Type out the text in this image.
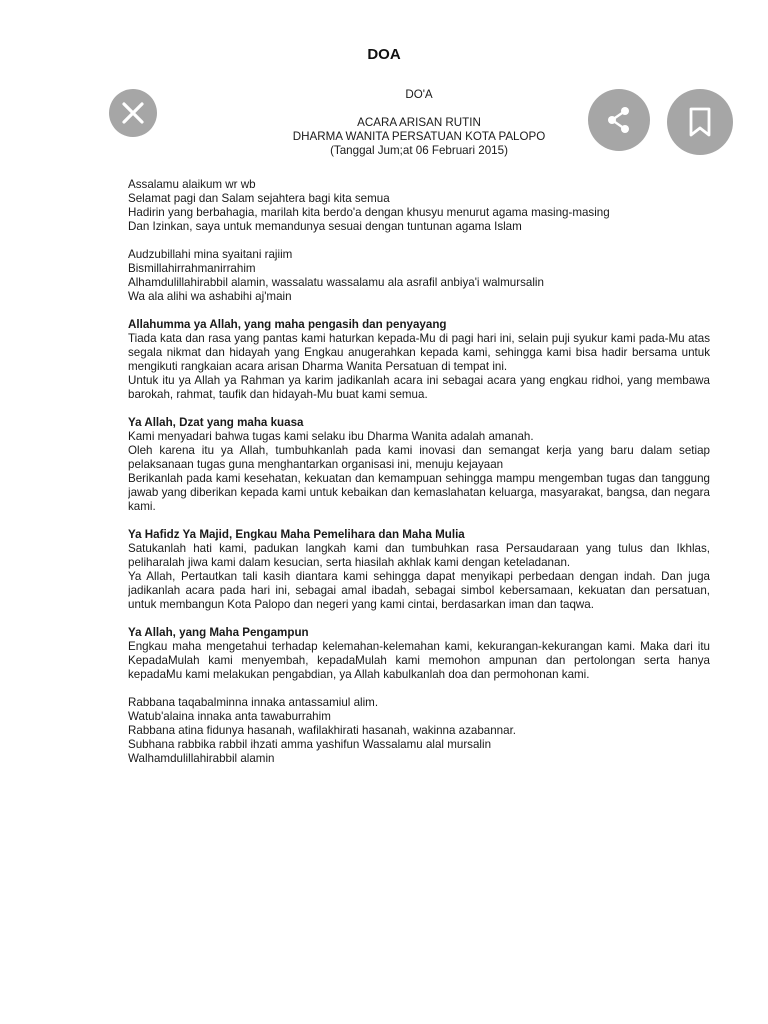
DOA
DO'A
ACARA ARISAN RUTIN
DHARMA WANITA PERSATUAN KOTA PALOPO
(Tanggal Jum;at 06 Februari 2015)

Assalamu alaikum wr wb

Selamat pagi dan Salam sejahtera bagi kita semua

Hadirin yang berbahagia, marilah kita berdo'a dengan khusyu menurut agama masing-masing

Dan Izinkan, saya untuk memandunya sesuai dengan tuntunan agama Islam

Audzubillahi mina syaitani rajiim

Bismillahirrahmanirrahim

Alhamdulillahirabbil alamin, wassalatu wassalamu ala asrafil anbiya'i walmursalin

Wa ala alihi wa ashabihi aj'main

Allahumma ya Allah, yang maha pengasih dan penyayang

Tiada kata dan rasa yang pantas kami haturkan kepada-Mu di pagi hari ini, selain puji syukur kami pada-Mu atas segala nikmat dan hidayah yang Engkau anugerahkan kepada kami, sehingga kami bisa hadir bersama untuk mengikuti rangkaian acara arisan Dharma Wanita Persatuan di tempat ini.

Untuk itu ya Allah ya Rahman ya karim jadikanlah acara ini sebagai acara yang engkau ridhoi, yang membawa barokah, rahmat, taufik dan hidayah-Mu buat kami semua.

Ya Allah, Dzat yang maha kuasa

Kami menyadari bahwa tugas kami selaku ibu Dharma Wanita adalah amanah.

Oleh karena itu ya Allah, tumbuhkanlah pada kami inovasi dan semangat kerja yang baru dalam setiap pelaksanaan tugas guna menghantarkan organisasi ini, menuju kejayaan

Berikanlah pada kami kesehatan, kekuatan dan kemampuan sehingga mampu mengemban tugas dan tanggung jawab yang diberikan kepada kami untuk kebaikan dan kemaslahatan keluarga, masyarakat, bangsa, dan negara kami.

Ya Hafidz Ya Majid, Engkau Maha Pemelihara dan Maha Mulia

Satukanlah hati kami, padukan langkah kami dan tumbuhkan rasa Persaudaraan yang tulus dan Ikhlas, peliharalah jiwa kami dalam kesucian, serta hiasilah akhlak kami dengan keteladanan.

Ya Allah, Pertautkan tali kasih diantara kami sehingga dapat menyikapi perbedaan dengan indah. Dan juga jadikanlah acara pada hari ini, sebagai amal ibadah, sebagai simbol kebersamaan, kekuatan dan persatuan, untuk membangun Kota Palopo dan negeri yang kami cintai, berdasarkan iman dan taqwa.

Ya Allah, yang Maha Pengampun

Engkau maha mengetahui terhadap kelemahan-kelemahan kami, kekurangan-kekurangan kami. Maka dari itu KepadaMulah kami menyembah, kepadaMulah kami memohon ampunan dan pertolongan serta hanya kepadaMu kami melakukan pengabdian, ya Allah kabulkanlah doa dan permohonan kami.

Rabbana taqabalminna innaka antassamiul alim.

Watub'alaina innaka anta tawaburrahim

Rabbana atina fidunya hasanah, wafilakhirati hasanah, wakinna azabannar.

Subhana rabbika rabbil ihzati amma yashifun Wassalamu alal mursalin

Walhamdulillahirabbil alamin
